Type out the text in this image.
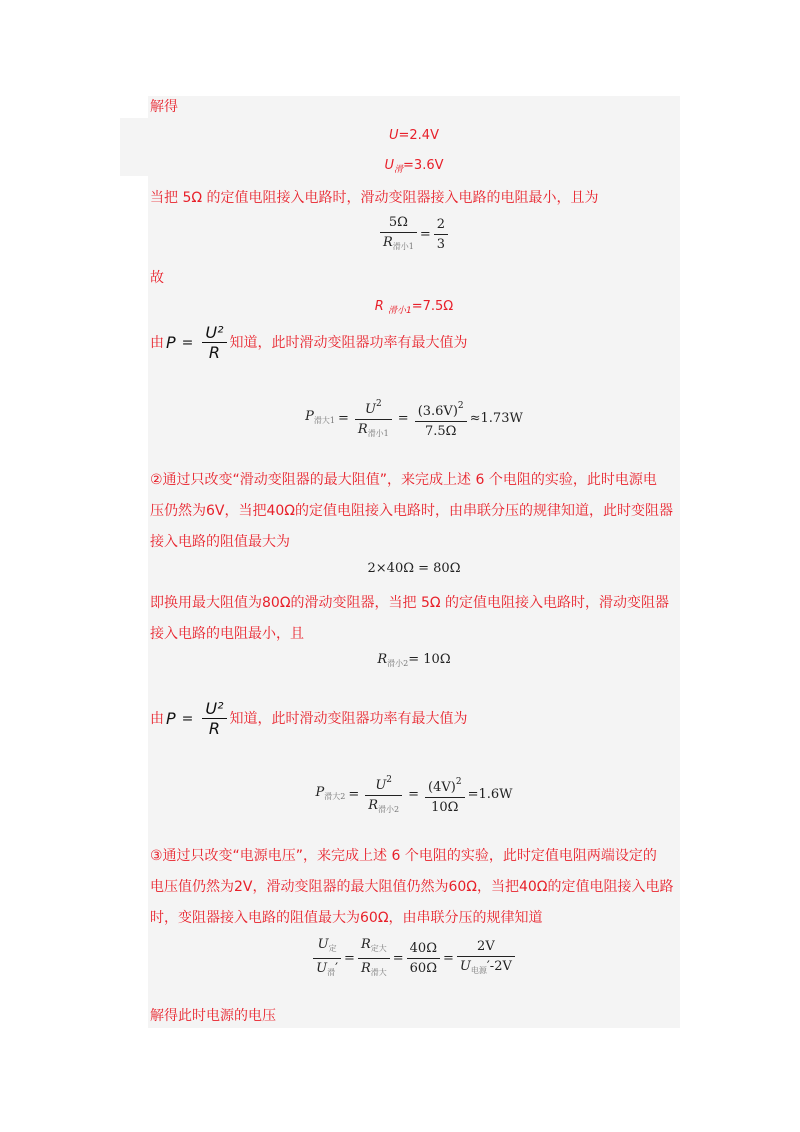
解得
U=2.4V
$U_滑=3.6V$
当把 5Ω 的定值电阻接入电路时，滑动变阻器接入电路的电阻最小，且为
$\frac{5\Omega}{R_{滑小1}} = \frac{2}{3}$
故
R $_{滑小1}$=7.5Ω
由 $P = \frac{\text{U²}}{R}$ 知道，此时滑动变阻器功率有最大值为
$P_{滑大1} = \frac{U^2}{R_{滑小1}} = \frac{(3.6V)^2}{7.5\Omega} \approx 1.73W$
②通过只改变“滑动变阻器的最大阻值”，来完成上述 6 个电阻的实验，此时电源电
压仍然为6V，当把40Ω的定值电阻接入电路时，由串联分压的规律知道，此时变阻器
接入电路的阻值最大为
2×40Ω = 80Ω
即换用最大阻值为80Ω的滑动变阻器，当把 5Ω 的定值电阻接入电路时，滑动变阻器
接入电路的电阻最小，且
$R_{滑小2}= 10\Omega$
由 $P = \frac{\text{U²}}{R}$ 知道，此时滑动变阻器功率有最大值为
$P_{滑大2} = \frac{U^2}{R_{滑小2}} = \frac{(4V)^2}{10\Omega} =1.6W$
③通过只改变“电源电压”，来完成上述 6 个电阻的实验，此时定值电阻两端设定的
电压值仍然为2V，滑动变阻器的最大阻值仍然为60Ω，当把40Ω的定值电阻接入电路
时，变阻器接入电路的阻值最大为60Ω，由串联分压的规律知道
$\frac{U_定}{U_滑'} = \frac{R_{定大}}{R_{滑大}} = \frac{40\Omega}{60\Omega} = \frac{2V}{U_{电源}'-2V}$
解得此时电源的电压
